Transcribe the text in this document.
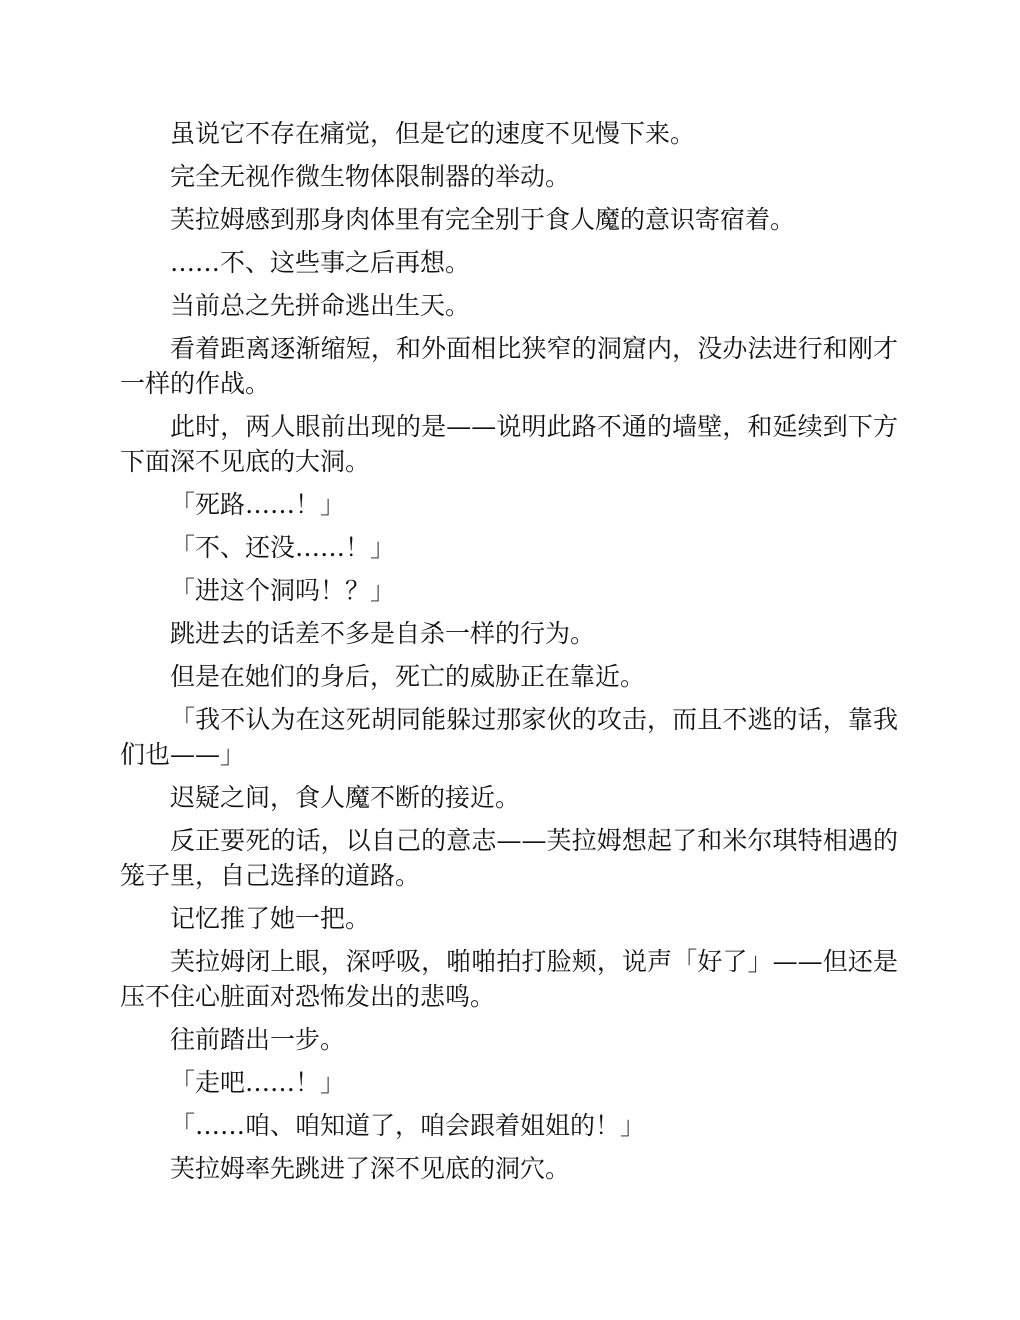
虽说它不存在痛觉，但是它的速度不见慢下来。

完全无视作微生物体限制器的举动。

芙拉姆感到那身肉体里有完全别于食人魔的意识寄宿着。

……不、这些事之后再想。

当前总之先拼命逃出生天。

看着距离逐渐缩短，和外面相比狭窄的洞窟内，没办法进行和刚才一样的作战。

此时，两人眼前出现的是——说明此路不通的墙壁，和延续到下方下面深不见底的大洞。

「死路……！」

「不、还没……！」

「进这个洞吗！？」

跳进去的话差不多是自杀一样的行为。

但是在她们的身后，死亡的威胁正在靠近。

「我不认为在这死胡同能躲过那家伙的攻击，而且不逃的话，靠我们也——」

迟疑之间，食人魔不断的接近。

反正要死的话，以自己的意志——芙拉姆想起了和米尔琪特相遇的笼子里，自己选择的道路。

记忆推了她一把。

芙拉姆闭上眼，深呼吸，啪啪拍打脸颊，说声「好了」——但还是压不住心脏面对恐怖发出的悲鸣。

往前踏出一步。

「走吧……！」

「……咱、咱知道了，咱会跟着姐姐的！」

芙拉姆率先跳进了深不见底的洞穴。
